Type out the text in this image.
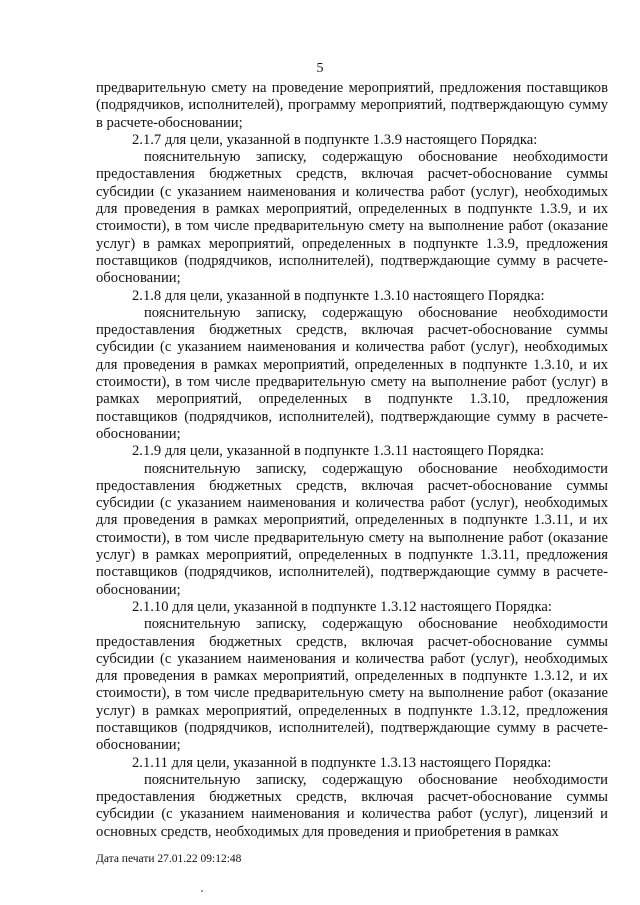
5

предварительную смету на проведение мероприятий, предложения поставщиков (подрядчиков, исполнителей), программу мероприятий, подтверждающую сумму в расчете-обосновании;

2.1.7 для цели, указанной в подпункте 1.3.9 настоящего Порядка:

пояснительную записку, содержащую обоснование необходимости предоставления бюджетных средств, включая расчет-обоснование суммы субсидии (с указанием наименования и количества работ (услуг), необходимых для проведения в рамках мероприятий, определенных в подпункте 1.3.9, и их стоимости), в том числе предварительную смету на выполнение работ (оказание услуг) в рамках мероприятий, определенных в подпункте 1.3.9, предложения поставщиков (подрядчиков, исполнителей), подтверждающие сумму в расчете-обосновании;

2.1.8 для цели, указанной в подпункте 1.3.10 настоящего Порядка:

пояснительную записку, содержащую обоснование необходимости предоставления бюджетных средств, включая расчет-обоснование суммы субсидии (с указанием наименования и количества работ (услуг), необходимых для проведения в рамках мероприятий, определенных в подпункте 1.3.10, и их стоимости), в том числе предварительную смету на выполнение работ (услуг) в рамках мероприятий, определенных в подпункте 1.3.10, предложения поставщиков (подрядчиков, исполнителей), подтверждающие сумму в расчете-обосновании;

2.1.9 для цели, указанной в подпункте 1.3.11 настоящего Порядка:

пояснительную записку, содержащую обоснование необходимости предоставления бюджетных средств, включая расчет-обоснование суммы субсидии (с указанием наименования и количества работ (услуг), необходимых для проведения в рамках мероприятий, определенных в подпункте 1.3.11, и их стоимости), в том числе предварительную смету на выполнение работ (оказание услуг) в рамках мероприятий, определенных в подпункте 1.3.11, предложения поставщиков (подрядчиков, исполнителей), подтверждающие сумму в расчете-обосновании;

2.1.10 для цели, указанной в подпункте 1.3.12 настоящего Порядка:

пояснительную записку, содержащую обоснование необходимости предоставления бюджетных средств, включая расчет-обоснование суммы субсидии (с указанием наименования и количества работ (услуг), необходимых для проведения в рамках мероприятий, определенных в подпункте 1.3.12, и их стоимости), в том числе предварительную смету на выполнение работ (оказание услуг) в рамках мероприятий, определенных в подпункте 1.3.12, предложения поставщиков (подрядчиков, исполнителей), подтверждающие сумму в расчете-обосновании;

2.1.11 для цели, указанной в подпункте 1.3.13 настоящего Порядка:

пояснительную записку, содержащую обоснование необходимости предоставления бюджетных средств, включая расчет-обоснование суммы субсидии (с указанием наименования и количества работ (услуг), лицензий и основных средств, необходимых для проведения и приобретения в рамках

Дата печати 27.01.22 09:12:48
